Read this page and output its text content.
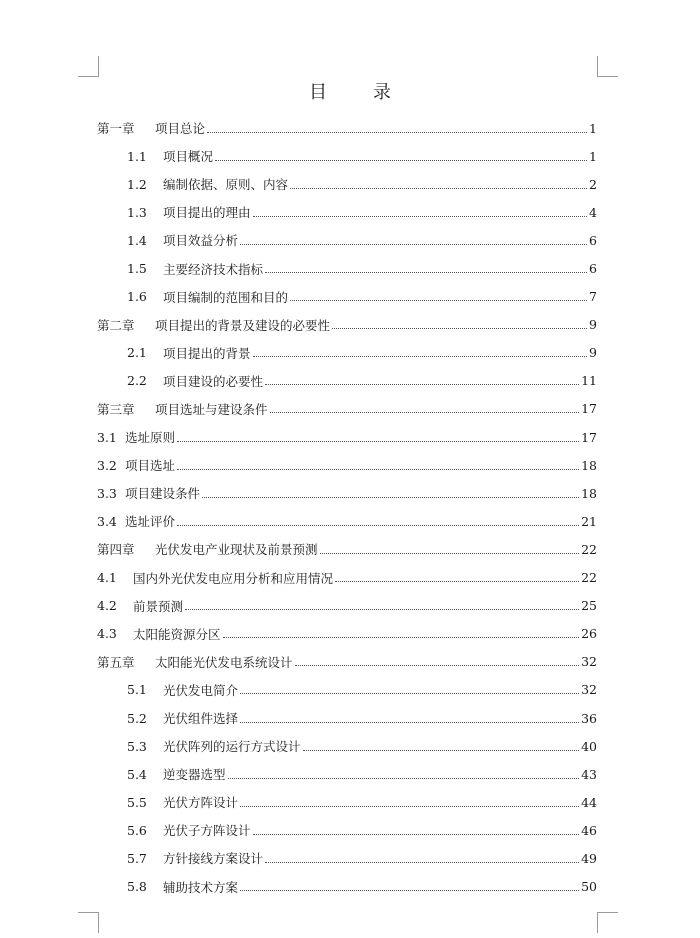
目　录
第一章	项目总论	1
1.1	项目概况	1
1.2	编制依据、原则、内容	2
1.3	项目提出的理由	4
1.4	项目效益分析	6
1.5	主要经济技术指标	6
1.6	项目编制的范围和目的	7
第二章	项目提出的背景及建设的必要性	9
2.1	项目提出的背景	9
2.2	项目建设的必要性	11
第三章	项目选址与建设条件	17
3.1 选址原则	17
3.2 项目选址	18
3.3 项目建设条件	18
3.4 选址评价	21
第四章	光伏发电产业现状及前景预测	22
4.1	国内外光伏发电应用分析和应用情况	22
4.2	前景预测	25
4.3	太阳能资源分区	26
第五章	太阳能光伏发电系统设计	32
5.1	光伏发电简介	32
5.2	光伏组件选择	36
5.3	光伏阵列的运行方式设计	40
5.4	逆变器选型	43
5.5	光伏方阵设计	44
5.6	光伏子方阵设计	46
5.7	方针接线方案设计	49
5.8	辅助技术方案	50
